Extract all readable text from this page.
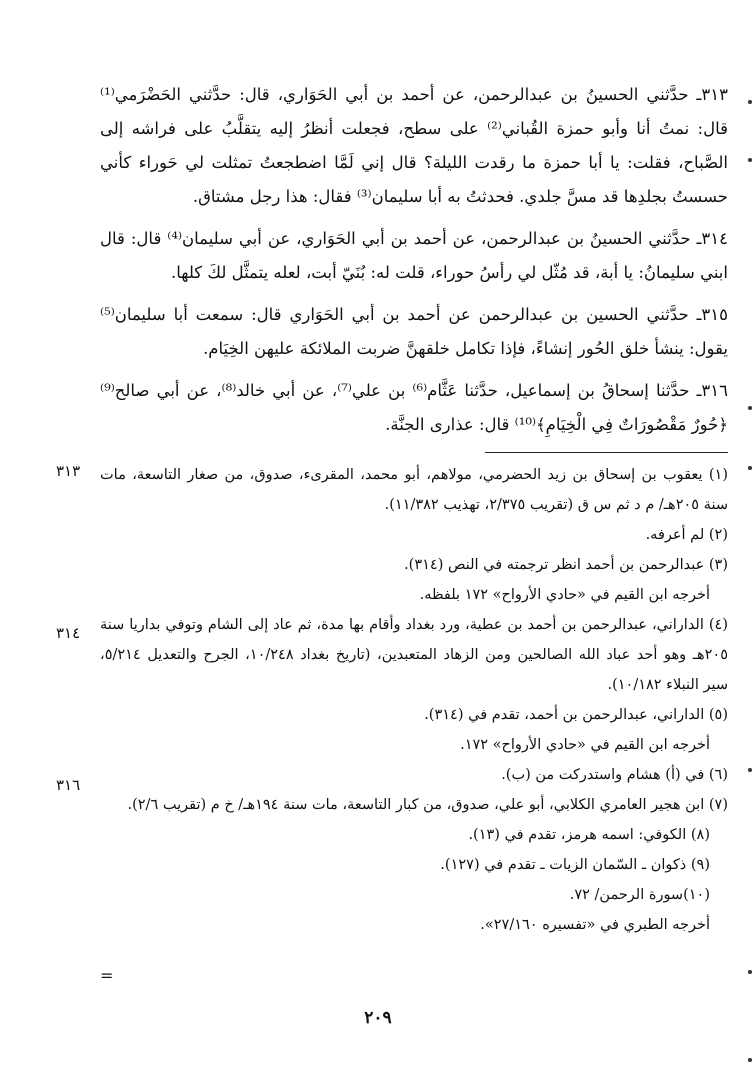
٣١٣ـ حدَّثني الحسينُ بن عبدالرحمن، عن أحمد بن أبي الحَوَاري، قال: حدَّثني الحَضْرَمي⁽¹⁾ قال: نمتُ أنا وأبو حمزة القُباني⁽²⁾ على سطح، فجعلت أنظرُ إليه يتقلَّبُ على فراشه إلى الصَّباح، فقلت: يا أبا حمزة ما رقدت الليلة؟ قال إني لَمَّا اضطجعتُ تمثلت لي حَوراء كأني حسستُ بجلدِها قد مسَّ جلدي. فحدثتُ به أبا سليمان⁽³⁾ فقال: هذا رجل مشتاق.

٣١٤ـ حدَّثني الحسينُ بن عبدالرحمن، عن أحمد بن أبي الحَوَاري، عن أبي سليمان⁽⁴⁾ قال: قال ابني سليمانُ: يا أبة، قد مُثّل لي رأسُ حوراء، قلت له: بُنَيّ أبت، لعله يتمثَّل لكَ كلها.

٣١٥ـ حدَّثني الحسين بن عبدالرحمن عن أحمد بن أبي الحَوَاري قال: سمعت أبا سليمان⁽⁵⁾ يقول: ينشأ خلق الحُور إنشاءً، فإذا تكامل خلقهنَّ ضربت الملائكة عليهن الخِيَام.

٣١٦ـ حدَّثنا إسحاقُ بن إسماعيل، حدَّثنا عَثَّام⁽⁶⁾ بن علي⁽⁷⁾، عن أبي خالد⁽⁸⁾، عن أبي صالح⁽⁹⁾ ﴿حُورٌ مَقْصُورَاتٌ فِي الْخِيَامِ﴾⁽¹⁰⁾ قال: عذارى الجنَّة.

(١) يعقوب بن إسحاق بن زيد الحضرمي، مولاهم، أبو محمد، المقرىء، صدوق، من صغار التاسعة، مات سنة ٢٠٥هـ/ م د ثم س ق (تقريب ٢/٣٧٥، تهذيب ١١/٣٨٢).

(٢) لم أعرفه.

(٣) عبدالرحمن بن أحمد انظر ترجمته في النص (٣١٤).

أخرجه ابن القيم في «حادي الأرواح» ١٧٢ بلفظه.

(٤) الداراني، عبدالرحمن بن أحمد بن عطية، ورد بغداد وأقام بها مدة، ثم عاد إلى الشام وتوفي بداريا سنة ٢٠٥هـ وهو أحد عباد الله الصالحين ومن الزهاد المتعبدين، (تاريخ بغداد ١٠/٢٤٨، الجرح والتعديل ٥/٢١٤، سير النبلاء ١٠/١٨٢).

(٥) الداراني، عبدالرحمن بن أحمد، تقدم في (٣١٤).

أخرجه ابن القيم في «حادي الأرواح» ١٧٢.

(٦) في (أ) هشام واستدركت من (ب).

(٧) ابن هجير العامري الكلابي، أبو علي، صدوق، من كبار التاسعة، مات سنة ١٩٤هـ/ خ م (تقريب ٢/٦).

(٨) الكوفي: اسمه هرمز، تقدم في (١٣).

(٩) ذكوان ـ السّمان الزيات ـ تقدم في (١٢٧).

(١٠)سورة الرحمن/ ٧٢.

أخرجه الطبري في «تفسيره ٢٧/١٦٠».

٣١٣
٣١٤
٣١٦
=
٢٠٩
